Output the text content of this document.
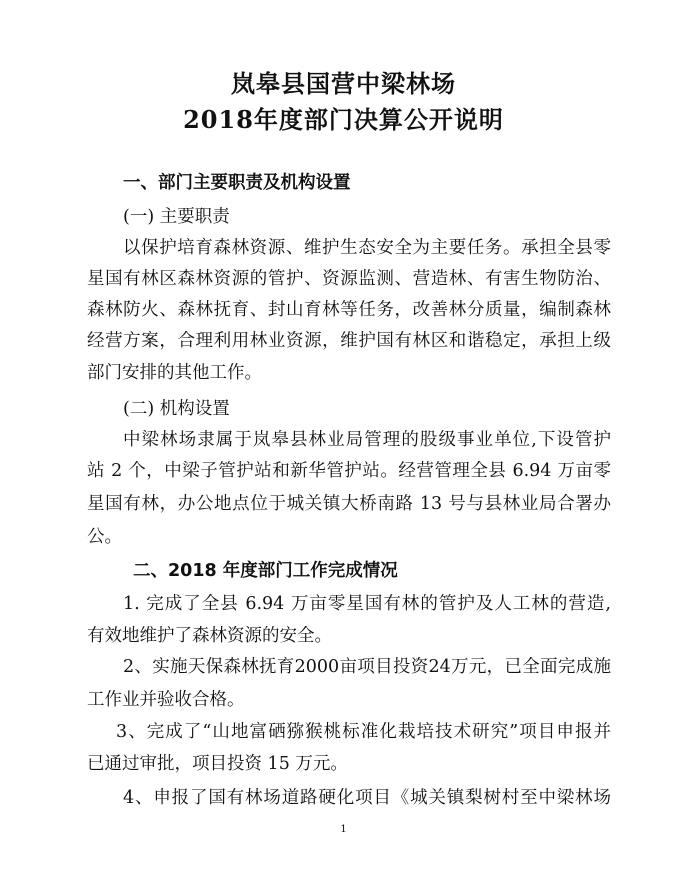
岚皋县国营中梁林场
2018年度部门决算公开说明
一、部门主要职责及机构设置
(一) 主要职责
以保护培育森林资源、维护生态安全为主要任务。承担全县零
星国有林区森林资源的管护、资源监测、营造林、有害生物防治、
森林防火、森林抚育、封山育林等任务，改善林分质量，编制森林
经营方案，合理利用林业资源，维护国有林区和谐稳定，承担上级
部门安排的其他工作。
(二) 机构设置
中梁林场隶属于岚皋县林业局管理的股级事业单位,下设管护
站 2 个，中梁子管护站和新华管护站。经营管理全县 6.94 万亩零
星国有林，办公地点位于城关镇大桥南路 13 号与县林业局合署办
公。
二、2018 年度部门工作完成情况
1. 完成了全县 6.94 万亩零星国有林的管护及人工林的营造,
有效地维护了森林资源的安全。
2、实施天保森林抚育2000亩项目投资24万元，已全面完成施
工作业并验收合格。
3、完成了“山地富硒猕猴桃标准化栽培技术研究”项目申报并
已通过审批，项目投资 15 万元。
4、申报了国有林场道路硬化项目《城关镇梨树村至中梁林场
1
